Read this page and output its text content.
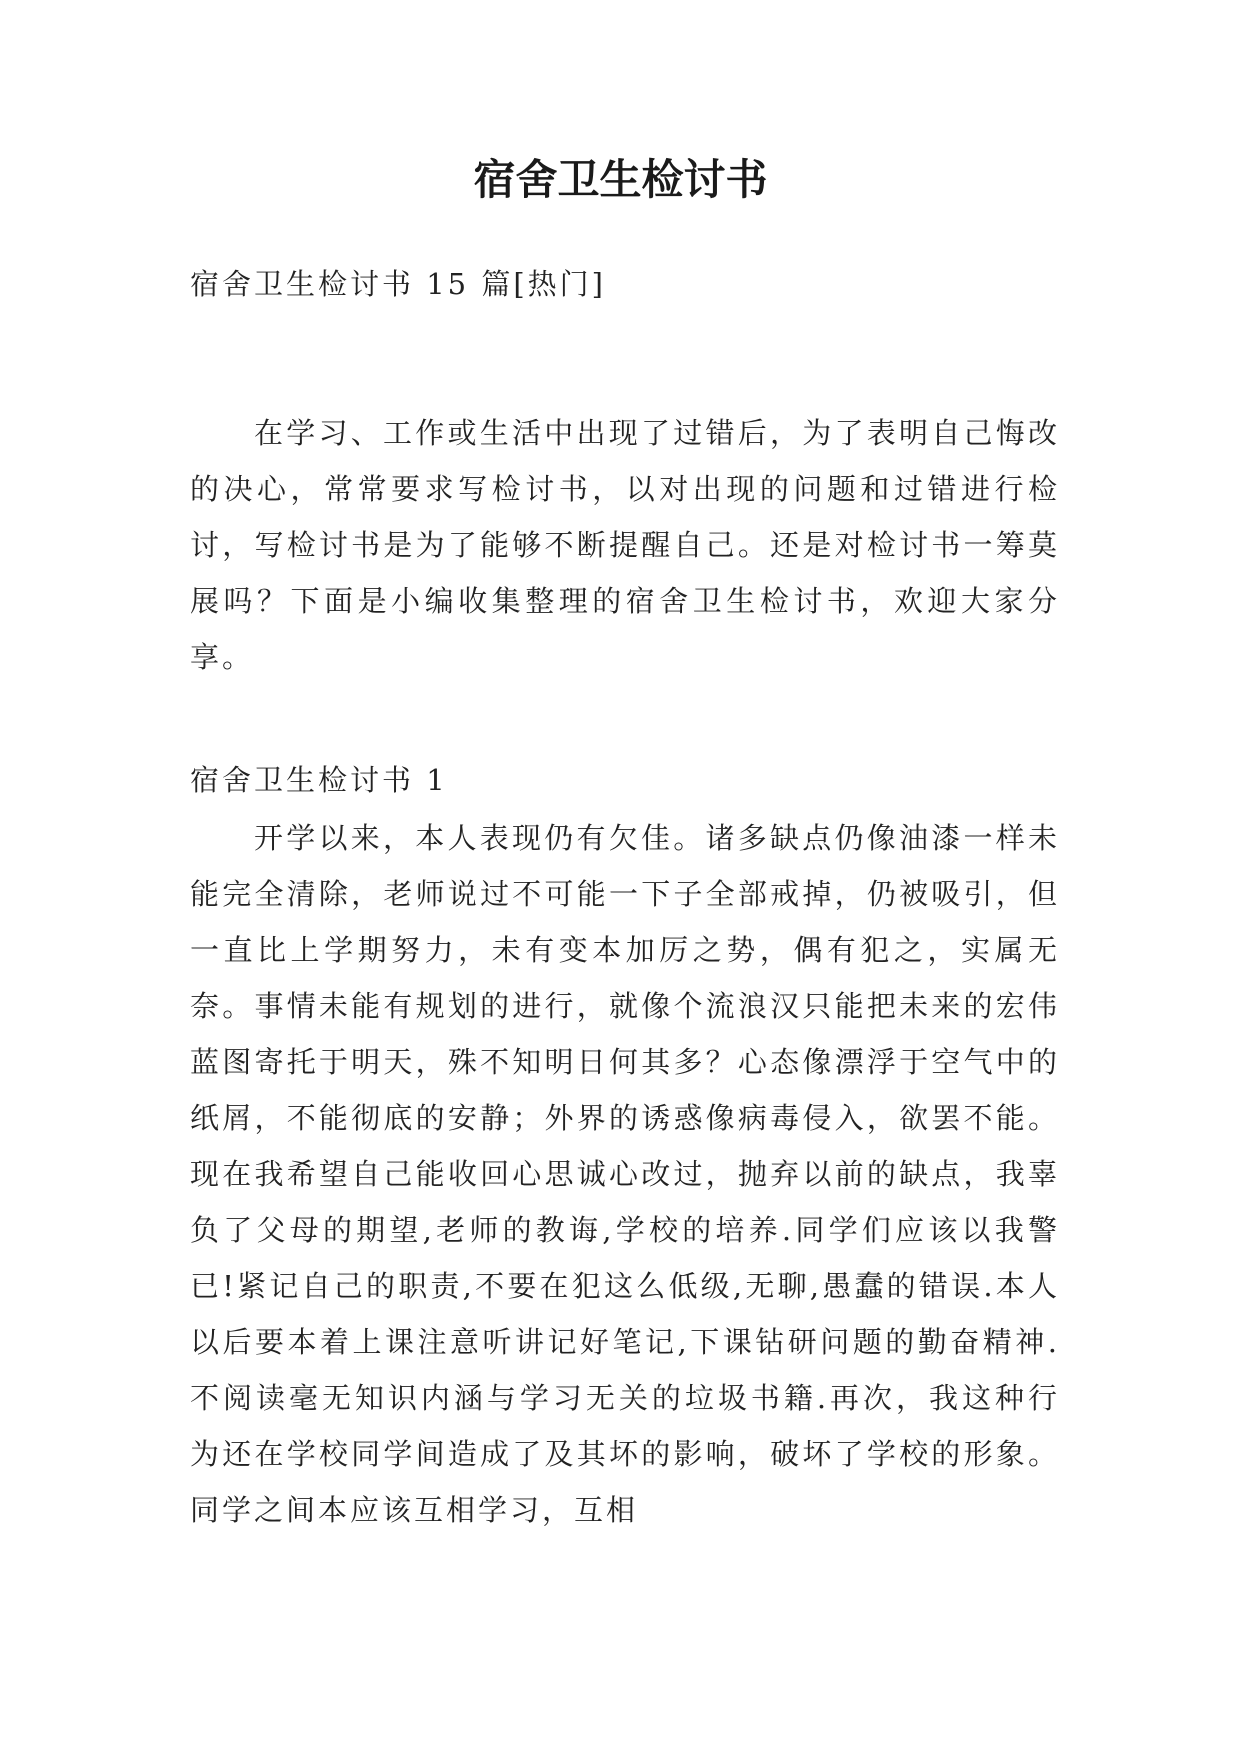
宿舍卫生检讨书

宿舍卫生检讨书 15 篇[热门]

在学习、工作或生活中出现了过错后，为了表明自己悔改的决心，常常要求写检讨书，以对出现的问题和过错进行检讨，写检讨书是为了能够不断提醒自己。还是对检讨书一筹莫展吗？下面是小编收集整理的宿舍卫生检讨书，欢迎大家分享。

宿舍卫生检讨书 1

开学以来，本人表现仍有欠佳。诸多缺点仍像油漆一样未能完全清除，老师说过不可能一下子全部戒掉，仍被吸引，但一直比上学期努力，未有变本加厉之势，偶有犯之，实属无奈。事情未能有规划的进行，就像个流浪汉只能把未来的宏伟蓝图寄托于明天，殊不知明日何其多？心态像漂浮于空气中的纸屑，不能彻底的安静；外界的诱惑像病毒侵入，欲罢不能。现在我希望自己能收回心思诚心改过，抛弃以前的缺点，我辜负了父母的期望,老师的教诲,学校的培养.同学们应该以我警已!紧记自己的职责,不要在犯这么低级,无聊,愚蠢的错误.本人以后要本着上课注意听讲记好笔记,下课钻研问题的勤奋精神.不阅读毫无知识内涵与学习无关的垃圾书籍.再次，我这种行为还在学校同学间造成了及其坏的影响，破坏了学校的形象。同学之间本应该互相学习，互相
